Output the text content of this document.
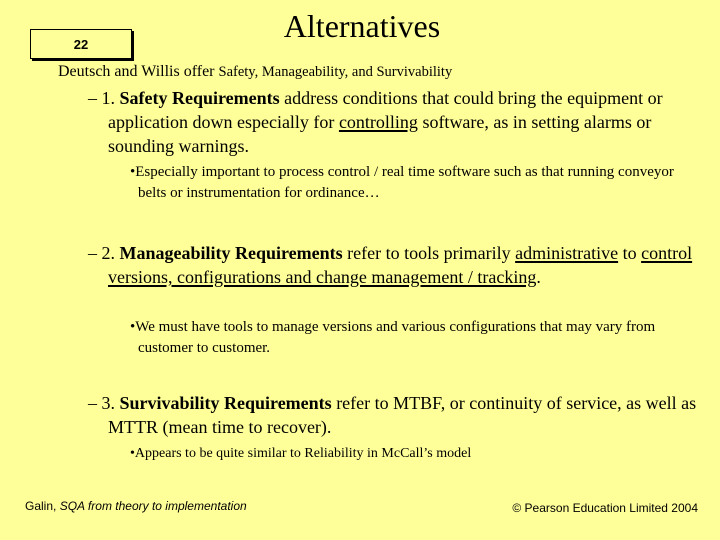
22	Alternatives
Deutsch and Willis offer Safety, Manageability, and Survivability
– 1. Safety Requirements address conditions that could bring the equipment or application down especially for controlling software, as in setting alarms or sounding warnings.
•Especially important to process control / real time software such as that running conveyor belts or instrumentation for ordinance…
– 2. Manageability Requirements refer to tools primarily administrative to control versions, configurations and change management / tracking.
•We must have tools to manage versions and various configurations that may vary from customer to customer.
– 3. Survivability Requirements refer to MTBF, or continuity of service, as well as MTTR (mean time to recover).
•Appears to be quite similar to Reliability in McCall’s model
Galin, SQA from theory to implementation	© Pearson Education Limited 2004
